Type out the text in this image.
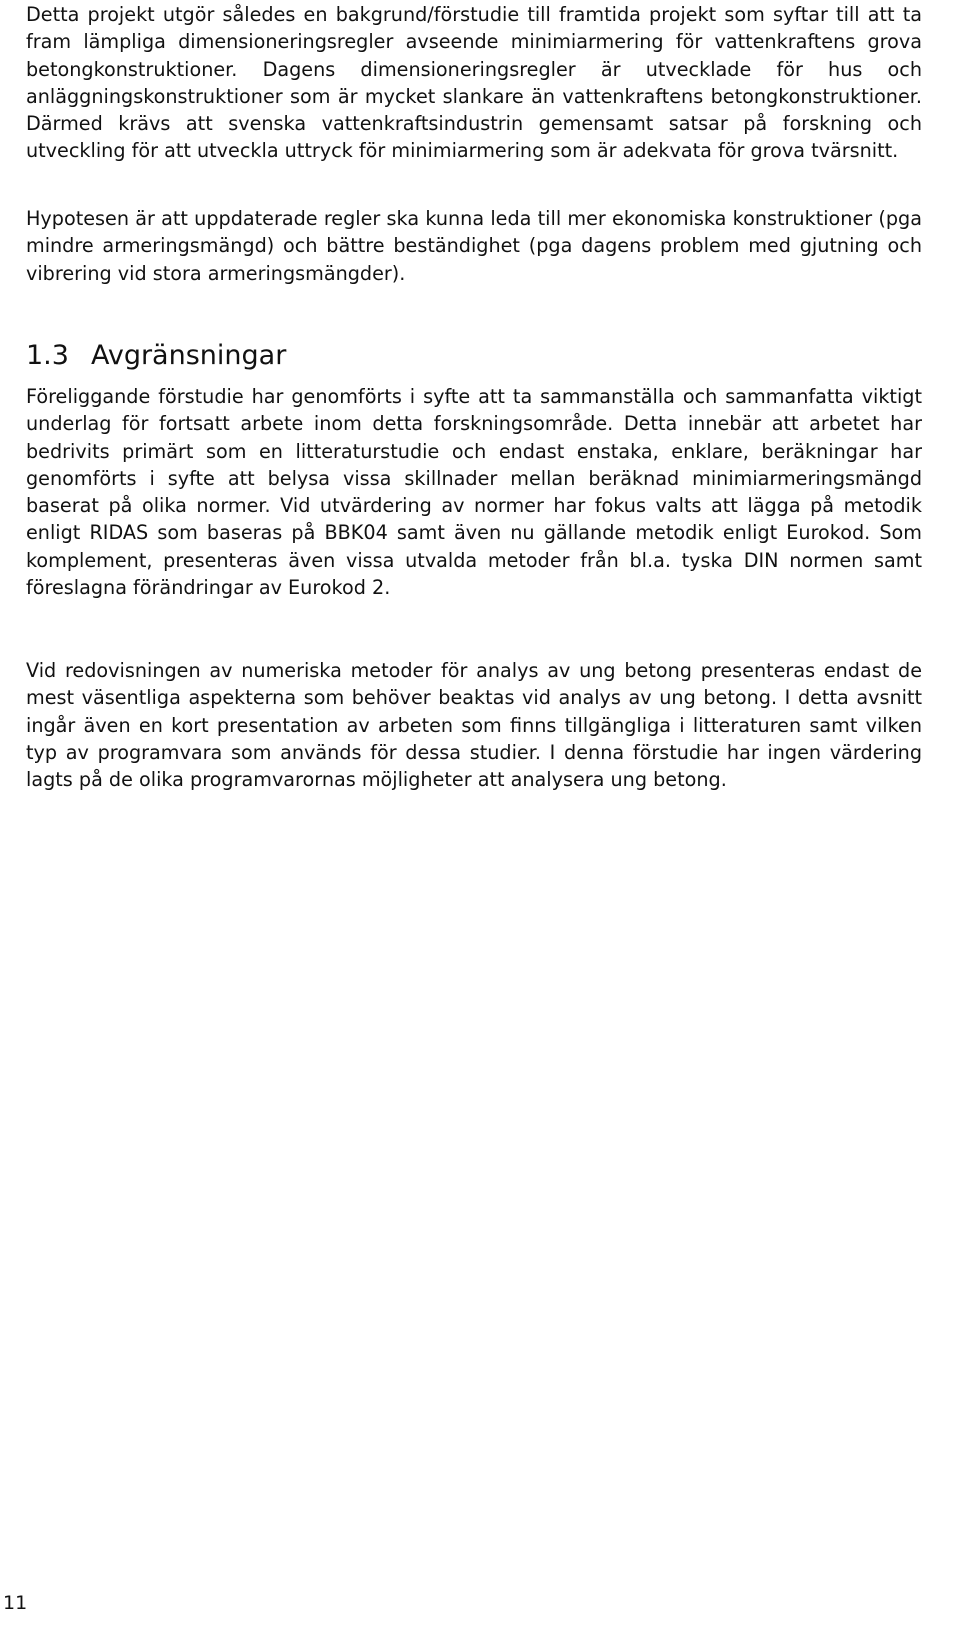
Detta projekt utgör således en bakgrund/förstudie till framtida projekt som syftar till att ta fram lämpliga dimensioneringsregler avseende minimiarmering för vattenkraftens grova betongkonstruktioner. Dagens dimensioneringsregler är utvecklade för hus och anläggningskonstruktioner som är mycket slankare än vattenkraftens betongkonstruktioner. Därmed krävs att svenska vattenkraftsindustrin gemensamt satsar på forskning och utveckling för att utveckla uttryck för minimiarmering som är adekvata för grova tvärsnitt.

Hypotesen är att uppdaterade regler ska kunna leda till mer ekonomiska konstruktioner (pga mindre armeringsmängd) och bättre beständighet (pga dagens problem med gjutning och vibrering vid stora armeringsmängder).

1.3 Avgränsningar

Föreliggande förstudie har genomförts i syfte att ta sammanställa och sammanfatta viktigt underlag för fortsatt arbete inom detta forskningsområde. Detta innebär att arbetet har bedrivits primärt som en litteraturstudie och endast enstaka, enklare, beräkningar har genomförts i syfte att belysa vissa skillnader mellan beräknad minimiarmeringsmängd baserat på olika normer. Vid utvärdering av normer har fokus valts att lägga på metodik enligt RIDAS som baseras på BBK04 samt även nu gällande metodik enligt Eurokod. Som komplement, presenteras även vissa utvalda metoder från bl.a. tyska DIN normen samt föreslagna förändringar av Eurokod 2.

Vid redovisningen av numeriska metoder för analys av ung betong presenteras endast de mest väsentliga aspekterna som behöver beaktas vid analys av ung betong. I detta avsnitt ingår även en kort presentation av arbeten som finns tillgängliga i litteraturen samt vilken typ av programvara som används för dessa studier. I denna förstudie har ingen värdering lagts på de olika programvarornas möjligheter att analysera ung betong.

11
